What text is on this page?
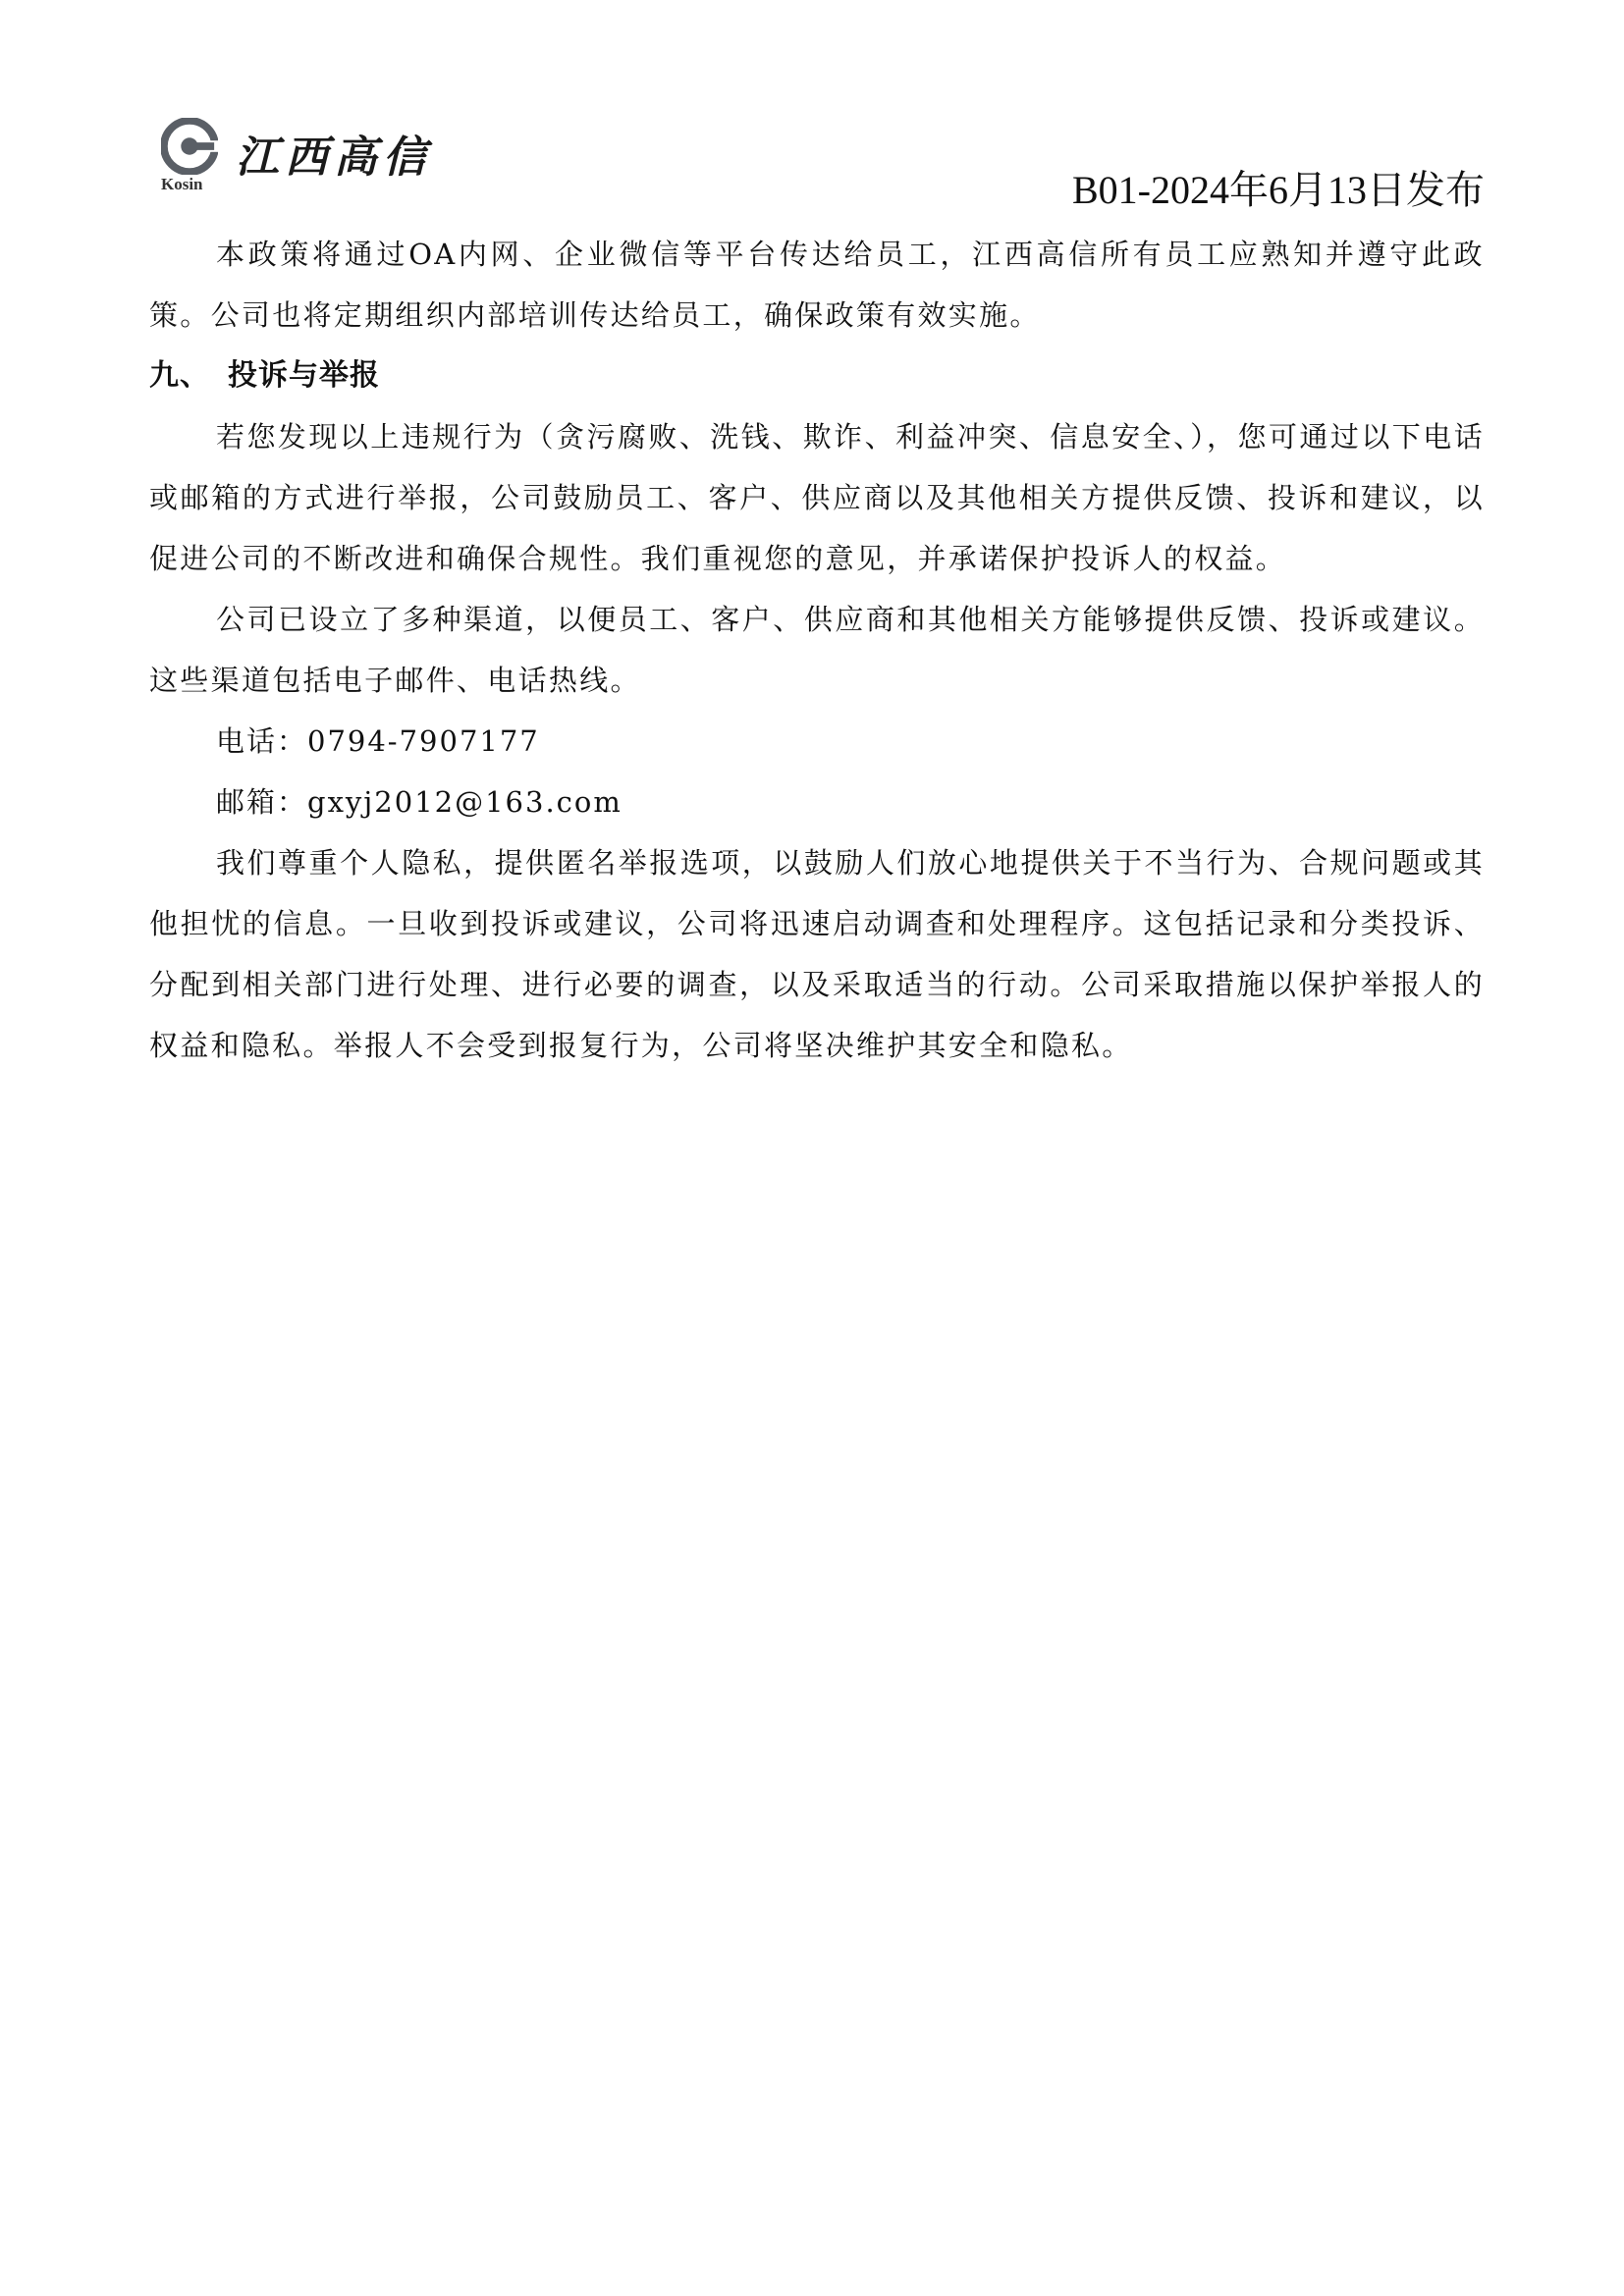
江西高信
Kosin	B01-2024年6月13日发布

本政策将通过OA内网、企业微信等平台传达给员工，江西高信所有员工应熟知并遵守此政策。公司也将定期组织内部培训传达给员工，确保政策有效实施。

九、 投诉与举报

若您发现以上违规行为（贪污腐败、洗钱、欺诈、利益冲突、信息安全、），您可通过以下电话或邮箱的方式进行举报，公司鼓励员工、客户、供应商以及其他相关方提供反馈、投诉和建议，以促进公司的不断改进和确保合规性。我们重视您的意见，并承诺保护投诉人的权益。

公司已设立了多种渠道，以便员工、客户、供应商和其他相关方能够提供反馈、投诉或建议。这些渠道包括电子邮件、电话热线。

电话：0794-7907177

邮箱：gxyj2012@163.com

我们尊重个人隐私，提供匿名举报选项，以鼓励人们放心地提供关于不当行为、合规问题或其他担忧的信息。一旦收到投诉或建议，公司将迅速启动调查和处理程序。这包括记录和分类投诉、分配到相关部门进行处理、进行必要的调查，以及采取适当的行动。公司采取措施以保护举报人的权益和隐私。举报人不会受到报复行为，公司将坚决维护其安全和隐私。
